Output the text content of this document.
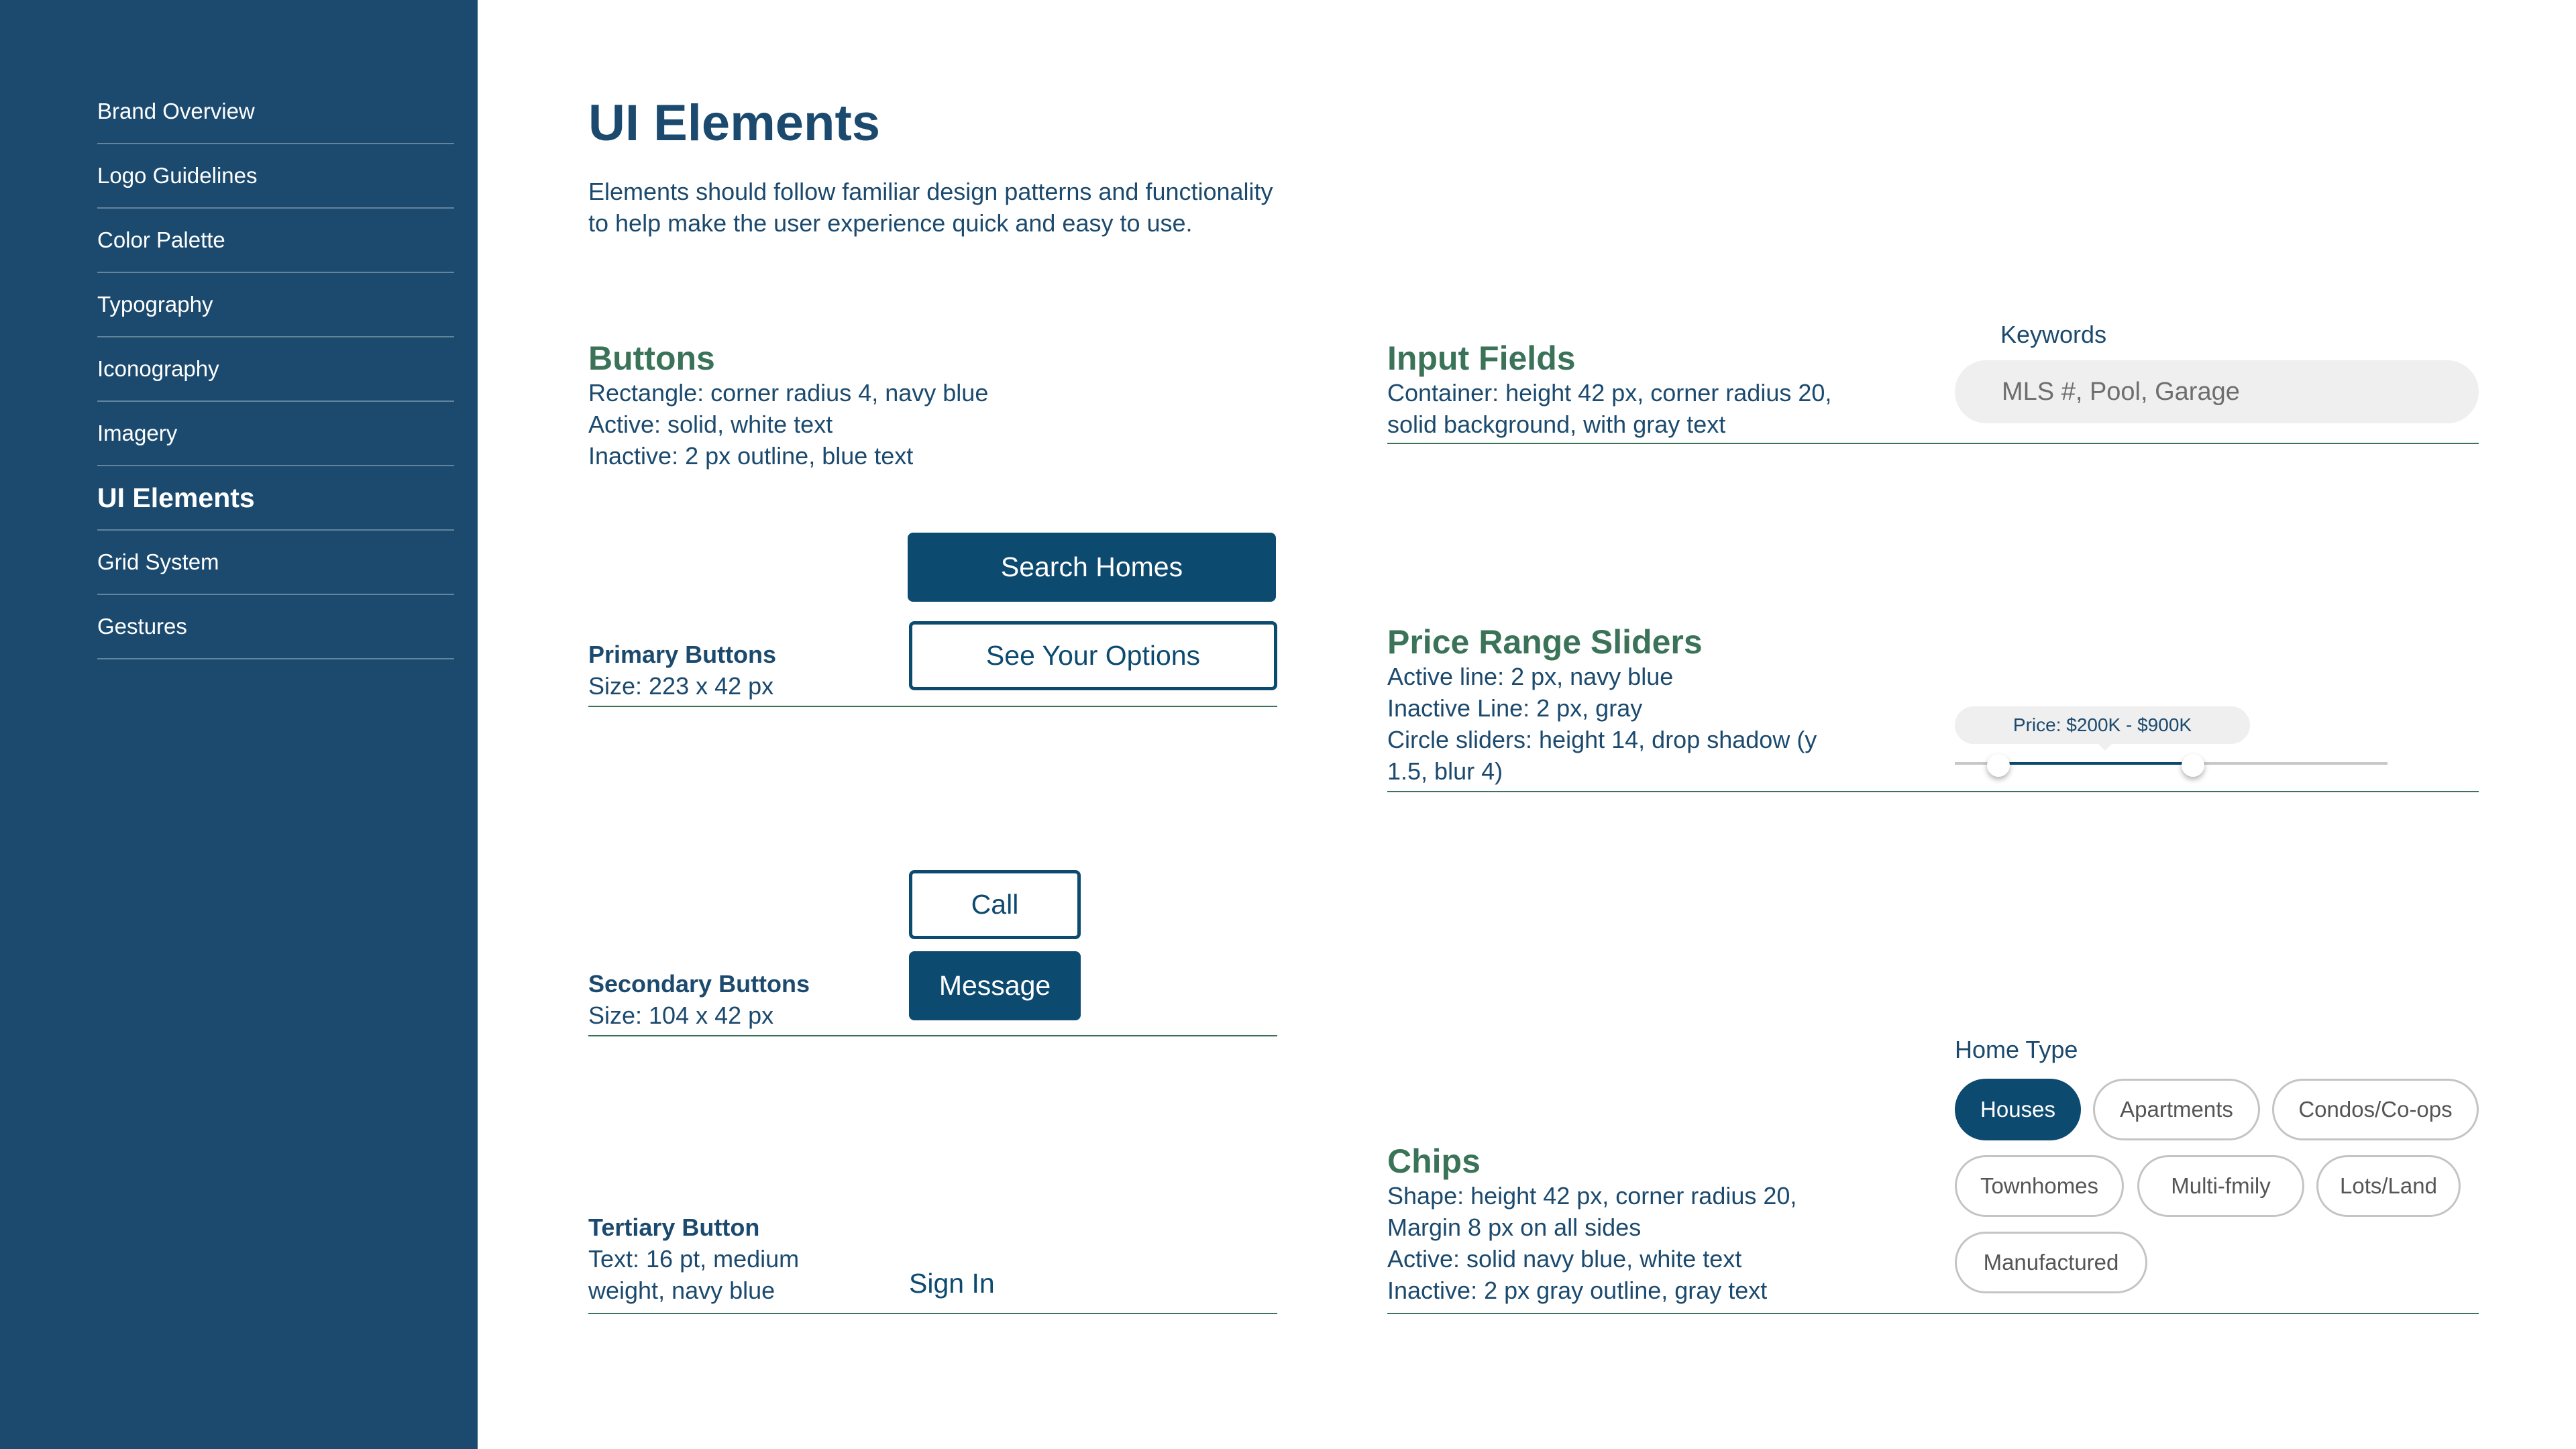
Brand Overview
Logo Guidelines
Color Palette
Typography
Iconography
Imagery
UI Elements
Grid System
Gestures
UI Elements
Elements should follow familiar design patterns and functionality to help make the user experience quick and easy to use.
Buttons
Rectangle: corner radius 4, navy blue
Active: solid, white text
Inactive: 2 px outline, blue text
Search Homes
See Your Options
Primary Buttons
Size: 223 x 42 px
Call
Message
Secondary Buttons
Size: 104 x 42 px
Tertiary Button
Text: 16 pt, medium
weight, navy blue	Sign In
Input Fields
Container: height 42 px, corner radius 20,
solid background, with gray text
Keywords
MLS #, Pool, Garage
Price Range Sliders
Active line: 2 px, navy blue
Inactive Line: 2 px, gray
Circle sliders: height 14, drop shadow (y
1.5, blur 4)
Price: $200K - $900K
Chips
Shape: height 42 px, corner radius 20,
Margin 8 px on all sides
Active: solid navy blue, white text
Inactive: 2 px gray outline, gray text
Home Type
Houses	Apartments	Condos/Co-ops
Townhomes	Multi-fmily	Lots/Land
Manufactured
